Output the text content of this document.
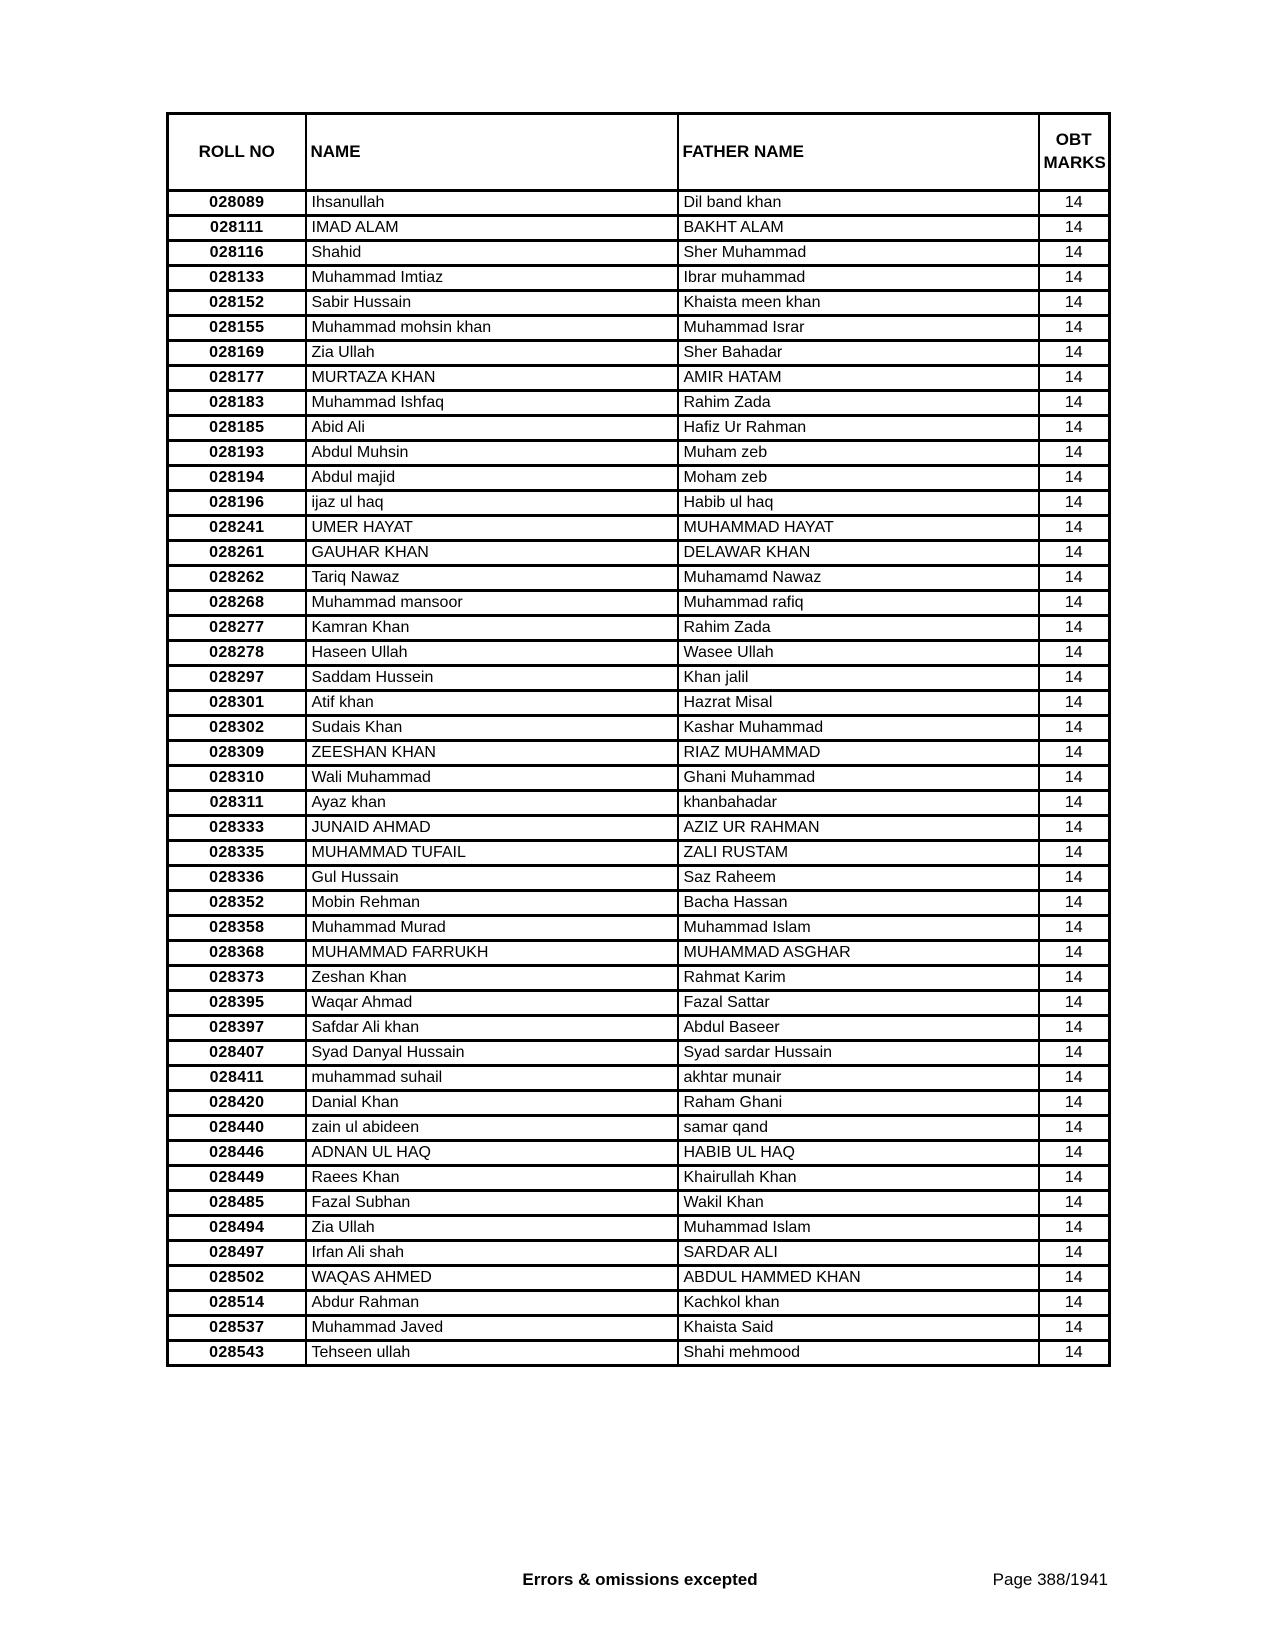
ROLL NO	NAME	FATHER NAME	OBT MARKS
028089	Ihsanullah	Dil band khan	14
028111	IMAD ALAM	BAKHT ALAM	14
028116	Shahid	Sher Muhammad	14
028133	Muhammad Imtiaz	Ibrar muhammad	14
028152	Sabir Hussain	Khaista meen khan	14
028155	Muhammad mohsin khan	Muhammad Israr	14
028169	Zia Ullah	Sher Bahadar	14
028177	MURTAZA KHAN	AMIR HATAM	14
028183	Muhammad Ishfaq	Rahim Zada	14
028185	Abid Ali	Hafiz Ur Rahman	14
028193	Abdul Muhsin	Muham zeb	14
028194	Abdul majid	Moham zeb	14
028196	ijaz ul haq	Habib ul haq	14
028241	UMER HAYAT	MUHAMMAD HAYAT	14
028261	GAUHAR KHAN	DELAWAR KHAN	14
028262	Tariq Nawaz	Muhamamd Nawaz	14
028268	Muhammad mansoor	Muhammad rafiq	14
028277	Kamran Khan	Rahim Zada	14
028278	Haseen Ullah	Wasee Ullah	14
028297	Saddam Hussein	Khan jalil	14
028301	Atif khan	Hazrat Misal	14
028302	Sudais Khan	Kashar Muhammad	14
028309	ZEESHAN KHAN	RIAZ MUHAMMAD	14
028310	Wali Muhammad	Ghani Muhammad	14
028311	Ayaz khan	khanbahadar	14
028333	JUNAID AHMAD	AZIZ UR RAHMAN	14
028335	MUHAMMAD TUFAIL	ZALI RUSTAM	14
028336	Gul Hussain	Saz Raheem	14
028352	Mobin Rehman	Bacha Hassan	14
028358	Muhammad Murad	Muhammad Islam	14
028368	MUHAMMAD FARRUKH	MUHAMMAD ASGHAR	14
028373	Zeshan Khan	Rahmat Karim	14
028395	Waqar Ahmad	Fazal Sattar	14
028397	Safdar Ali khan	Abdul Baseer	14
028407	Syad Danyal Hussain	Syad sardar Hussain	14
028411	muhammad suhail	akhtar munair	14
028420	Danial Khan	Raham Ghani	14
028440	zain ul abideen	samar qand	14
028446	ADNAN UL HAQ	HABIB UL HAQ	14
028449	Raees Khan	Khairullah Khan	14
028485	Fazal Subhan	Wakil Khan	14
028494	Zia Ullah	Muhammad Islam	14
028497	Irfan Ali shah	SARDAR ALI	14
028502	WAQAS AHMED	ABDUL HAMMED KHAN	14
028514	Abdur Rahman	Kachkol khan	14
028537	Muhammad Javed	Khaista Said	14
028543	Tehseen ullah	Shahi mehmood	14
Errors & omissions excepted	Page 388/1941
